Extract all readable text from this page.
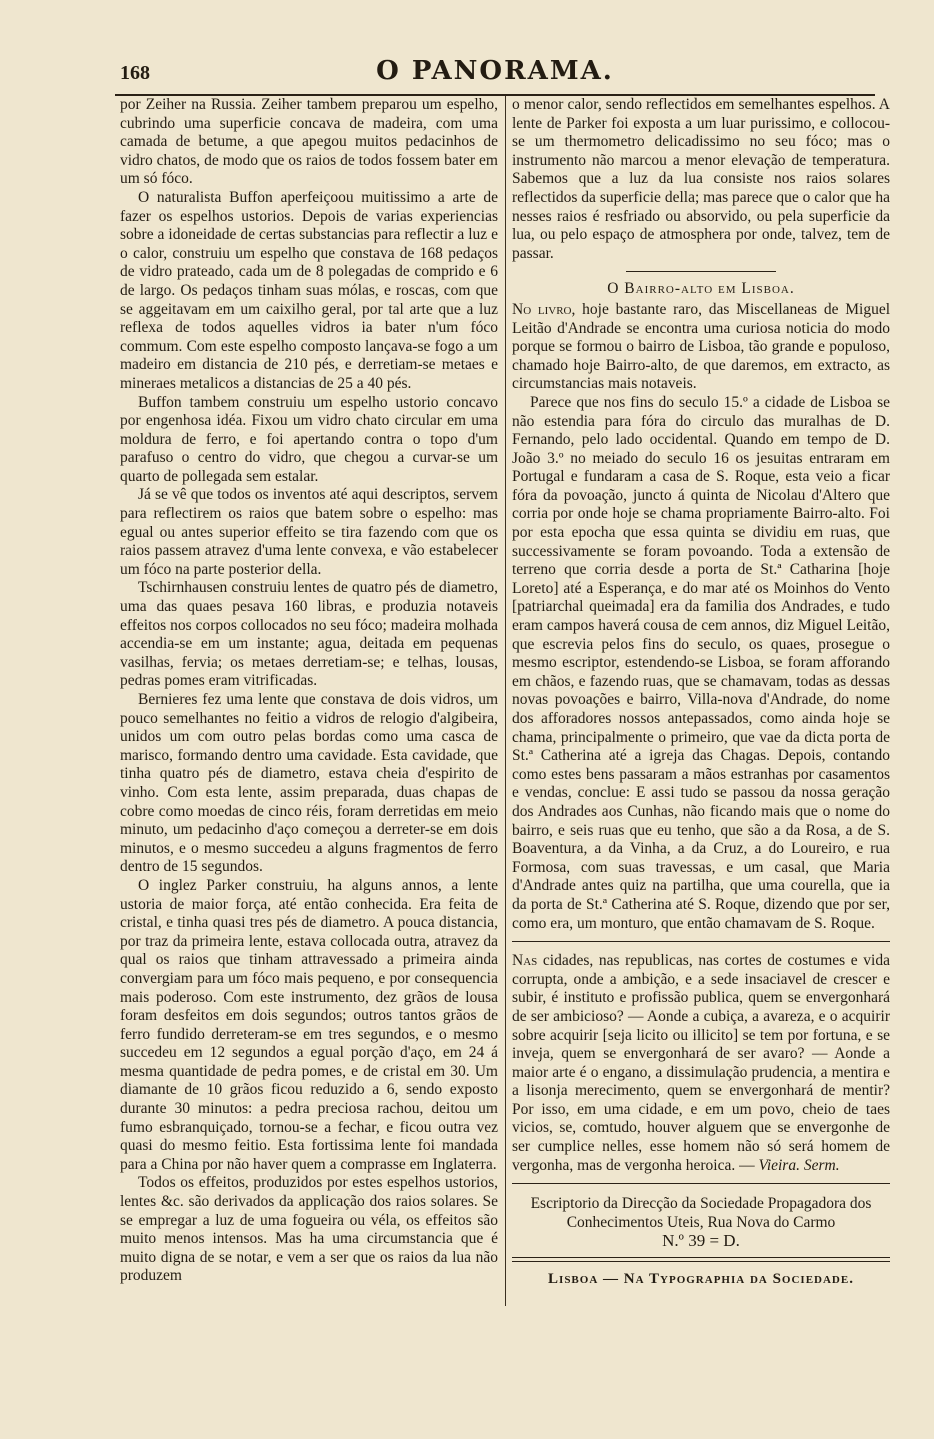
168	O PANORAMA.

por Zeiher na Russia. Zeiher tambem preparou um espelho, cubrindo uma superficie concava de madeira, com uma camada de betume, a que apegou muitos pedacinhos de vidro chatos, de modo que os raios de todos fossem bater em um só fóco.

O naturalista Buffon aperfeiçoou muitissimo a arte de fazer os espelhos ustorios. Depois de varias experiencias sobre a idoneidade de certas substancias para reflectir a luz e o calor, construiu um espelho que constava de 168 pedaços de vidro prateado, cada um de 8 polegadas de comprido e 6 de largo. Os pedaços tinham suas mólas, e roscas, com que se aggeitavam em um caixilho geral, por tal arte que a luz reflexa de todos aquelles vidros ia bater n'um fóco commum. Com este espelho composto lançava-se fogo a um madeiro em distancia de 210 pés, e derretiam-se metaes e mineraes metalicos a distancias de 25 a 40 pés.

Buffon tambem construiu um espelho ustorio concavo por engenhosa idéa. Fixou um vidro chato circular em uma moldura de ferro, e foi apertando contra o topo d'um parafuso o centro do vidro, que chegou a curvar-se um quarto de pollegada sem estalar.

Já se vê que todos os inventos até aqui descriptos, servem para reflectirem os raios que batem sobre o espelho: mas egual ou antes superior effeito se tira fazendo com que os raios passem atravez d'uma lente convexa, e vão estabelecer um fóco na parte posterior della.

Tschirnhausen construiu lentes de quatro pés de diametro, uma das quaes pesava 160 libras, e produzia notaveis effeitos nos corpos collocados no seu fóco; madeira molhada accendia-se em um instante; agua, deitada em pequenas vasilhas, fervia; os metaes derretiam-se; e telhas, lousas, pedras pomes eram vitrificadas.

Bernieres fez uma lente que constava de dois vidros, um pouco semelhantes no feitio a vidros de relogio d'algibeira, unidos um com outro pelas bordas como uma casca de marisco, formando dentro uma cavidade. Esta cavidade, que tinha quatro pés de diametro, estava cheia d'espirito de vinho. Com esta lente, assim preparada, duas chapas de cobre como moedas de cinco réis, foram derretidas em meio minuto, um pedacinho d'aço começou a derreter-se em dois minutos, e o mesmo succedeu a alguns fragmentos de ferro dentro de 15 segundos.

O inglez Parker construiu, ha alguns annos, a lente ustoria de maior força, até então conhecida. Era feita de cristal, e tinha quasi tres pés de diametro. A pouca distancia, por traz da primeira lente, estava collocada outra, atravez da qual os raios que tinham attravessado a primeira ainda convergiam para um fóco mais pequeno, e por consequencia mais poderoso. Com este instrumento, dez grãos de lousa foram desfeitos em dois segundos; outros tantos grãos de ferro fundido derreteram-se em tres segundos, e o mesmo succedeu em 12 segundos a egual porção d'aço, em 24 á mesma quantidade de pedra pomes, e de cristal em 30. Um diamante de 10 grãos ficou reduzido a 6, sendo exposto durante 30 minutos: a pedra preciosa rachou, deitou um fumo esbranquiçado, tornou-se a fechar, e ficou outra vez quasi do mesmo feitio. Esta fortissima lente foi mandada para a China por não haver quem a comprasse em Inglaterra.

Todos os effeitos, produzidos por estes espelhos ustorios, lentes &c. são derivados da applicação dos raios solares. Se se empregar a luz de uma fogueira ou véla, os effeitos são muito menos intensos. Mas ha uma circumstancia que é muito digna de se notar, e vem a ser que os raios da lua não produzem

o menor calor, sendo reflectidos em semelhantes espelhos. A lente de Parker foi exposta a um luar purissimo, e collocou-se um thermometro delicadissimo no seu fóco; mas o instrumento não marcou a menor elevação de temperatura. Sabemos que a luz da lua consiste nos raios solares reflectidos da superficie della; mas parece que o calor que ha nesses raios é resfriado ou absorvido, ou pela superficie da lua, ou pelo espaço de atmosphera por onde, talvez, tem de passar.

O Bairro-alto em Lisboa.

No livro, hoje bastante raro, das Miscellaneas de Miguel Leitão d'Andrade se encontra uma curiosa noticia do modo porque se formou o bairro de Lisboa, tão grande e populoso, chamado hoje Bairro-alto, de que daremos, em extracto, as circumstancias mais notaveis.

Parece que nos fins do seculo 15.º a cidade de Lisboa se não estendia para fóra do circulo das muralhas de D. Fernando, pelo lado occidental. Quando em tempo de D. João 3.º no meiado do seculo 16 os jesuitas entraram em Portugal e fundaram a casa de S. Roque, esta veio a ficar fóra da povoação, juncto á quinta de Nicolau d'Altero que corria por onde hoje se chama propriamente Bairro-alto. Foi por esta epocha que essa quinta se dividiu em ruas, que successivamente se foram povoando. Toda a extensão de terreno que corria desde a porta de St.ª Catharina [hoje Loreto] até a Esperança, e do mar até os Moinhos do Vento [patriarchal queimada] era da familia dos Andrades, e tudo eram campos haverá cousa de cem annos, diz Miguel Leitão, que escrevia pelos fins do seculo, os quaes, prosegue o mesmo escriptor, estendendo-se Lisboa, se foram afforando em chãos, e fazendo ruas, que se chamavam, todas as dessas novas povoações e bairro, Villa-nova d'Andrade, do nome dos afforadores nossos antepassados, como ainda hoje se chama, principalmente o primeiro, que vae da dicta porta de St.ª Catherina até a igreja das Chagas. Depois, contando como estes bens passaram a mãos estranhas por casamentos e vendas, conclue: E assi tudo se passou da nossa geração dos Andrades aos Cunhas, não ficando mais que o nome do bairro, e seis ruas que eu tenho, que são a da Rosa, a de S. Boaventura, a da Vinha, a da Cruz, a do Loureiro, e rua Formosa, com suas travessas, e um casal, que Maria d'Andrade antes quiz na partilha, que uma courella, que ia da porta de St.ª Catherina até S. Roque, dizendo que por ser, como era, um monturo, que então chamavam de S. Roque.

Nas cidades, nas republicas, nas cortes de costumes e vida corrupta, onde a ambição, e a sede insaciavel de crescer e subir, é instituto e profissão publica, quem se envergonhará de ser ambicioso? — Aonde a cubiça, a avareza, e o acquirir sobre acquirir [seja licito ou illicito] se tem por fortuna, e se inveja, quem se envergonhará de ser avaro? — Aonde a maior arte é o engano, a dissimulação prudencia, a mentira e a lisonja merecimento, quem se envergonhará de mentir? Por isso, em uma cidade, e em um povo, cheio de taes vicios, se, comtudo, houver alguem que se envergonhe de ser cumplice nelles, esse homem não só será homem de vergonha, mas de vergonha heroica. — Vieira. Serm.

Escriptorio da Direcção da Sociedade Propagadora dos Conhecimentos Uteis, Rua Nova do Carmo
N.º 39 = D.
Lisboa — Na Typographia da Sociedade.
